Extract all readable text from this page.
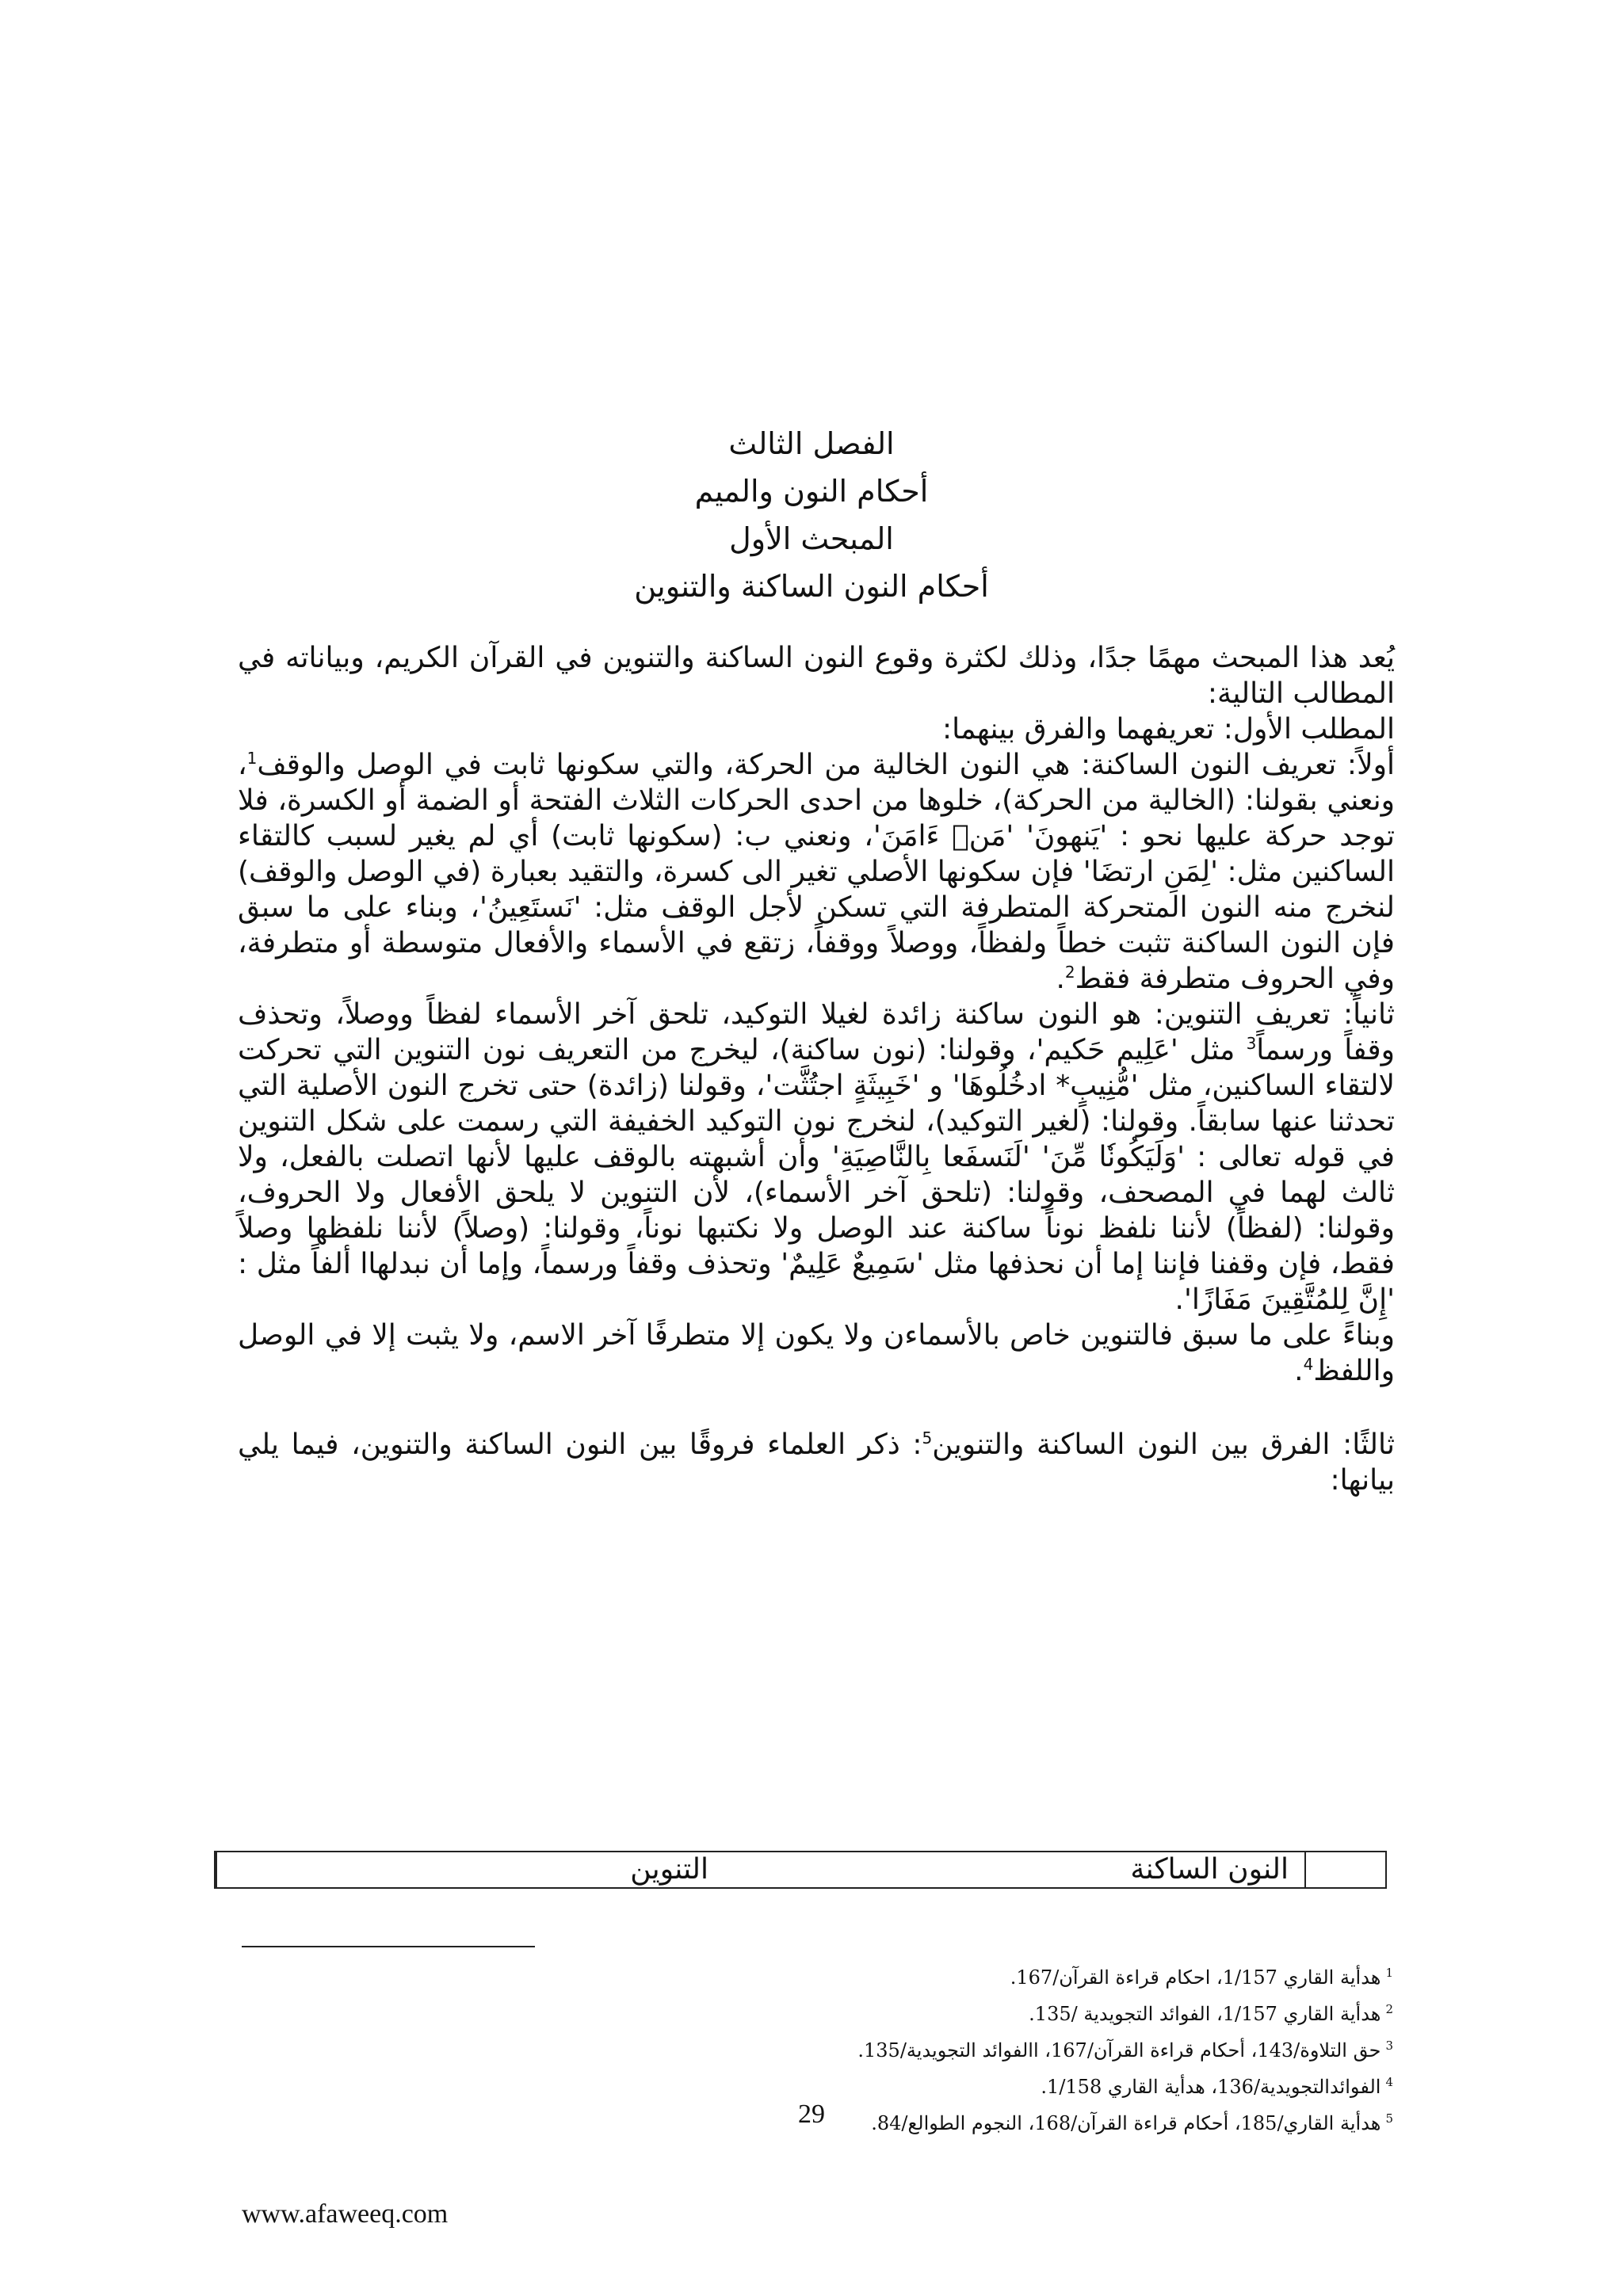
الفصل الثالث
أحكام النون والميم
المبحث الأول
أحكام النون الساكنة والتنوين

يُعد هذا المبحث مهمًا جدًا، وذلك لكثرة وقوع النون الساكنة والتنوين في القرآن الكريم، وبياناته في المطالب التالية:

المطلب الأول: تعريفهما والفرق بينهما:

أولاً: تعريف النون الساكنة: هي النون الخالية من الحركة، والتي سكونها ثابت في الوصل والوقف$^1$، ونعني بقولنا: (الخالية من الحركة)، خلوها من احدى الحركات الثلاث الفتحة أو الضمة أو الكسرة، فلا توجد حركة عليها نحو : 'يَنهونَ' 'مَنۡ ءَامَنَ'، ونعني ب: (سكونها ثابت) أي لم يغير لسبب كالتقاء الساكنين مثل: 'لِمَنِ ارتضَا' فإن سكونها الأصلي تغير الى كسرة، والتقيد بعبارة (في الوصل والوقف) لنخرج منه النون المتحركة المتطرفة التي تسكن لأجل الوقف مثل: 'نَستَعِينُ'، وبناء على ما سبق فإن النون الساكنة تثبت خطاً ولفظاً، ووصلاً ووقفاً، زتقع في الأسماء والأفعال متوسطة أو متطرفة، وفي الحروف متطرفة فقط$^2$.

ثانياً: تعريف التنوين: هو النون ساكنة زائدة لغيلا التوكيد، تلحق آخر الأسماء لفظاً ووصلاً، وتحذف وقفاً ورسماً$^3$ مثل 'عَلِيم حَكيم'، وقولنا: (نون ساكنة)، ليخرج من التعريف نون التنوين التي تحركت لالتقاء الساكنين، مثل 'مُّنِيبٍ* ادخُلُوهَا' و 'خَبِيثَةٍ اجتُثَّت'، وقولنا (زائدة) حتى تخرج النون الأصلية التي تحدثنا عنها سابقاً. وقولنا: (لغير التوكيد)، لنخرج نون التوكيد الخفيفة التي رسمت على شكل التنوين في قوله تعالى : 'وَلَيَكُونٗا مِّنَ' 'لَنَسفَعا بِالنَّاصِيَةِ' وأن أشبهته بالوقف عليها لأنها اتصلت بالفعل، ولا ثالث لهما في المصحف، وقولنا: (تلحق آخر الأسماء)، لأن التنوين لا يلحق الأفعال ولا الحروف، وقولنا: (لفظاً) لأننا نلفظ نوناً ساكنة عند الوصل ولا نكتبها نوناً، وقولنا: (وصلاً) لأننا نلفظها وصلاً فقط، فإن وقفنا فإننا إما أن نحذفها مثل 'سَمِيعٌ عَلِيمٌ' وتحذف وقفاً ورسماً، وإما أن نبدلهاا ألفاً مثل : 'إِنَّ لِلمُتَّقِينَ مَفَازًا'.

وبناءً على ما سبق فالتنوين خاص بالأسماءن ولا يكون إلا متطرفًا آخر الاسم، ولا يثبت إلا في الوصل واللفظ$^4$.

ثالثًا: الفرق بين النون الساكنة والتنوين$^5$: ذكر العلماء فروقًا بين النون الساكنة والتنوين، فيما يلي بيانها:

النون الساكنة
التنوين
$^1$هدأية القاري 1/157، احكام قراءة القرآن/167.
$^2$هدأية القاري 1/157، الفوائد التجويدية /135.
$^3$حق التلاوة/143، أحكام قراءة القرآن/167، االفوائد التجويدية/135.
$^4$الفوائدالتجويدية/136، هدأية القاري 1/158.
$^5$هدأية القاري/185، أحكام قراءة القرآن/168، النجوم الطوالع/84.
29
www.afaweeq.com
